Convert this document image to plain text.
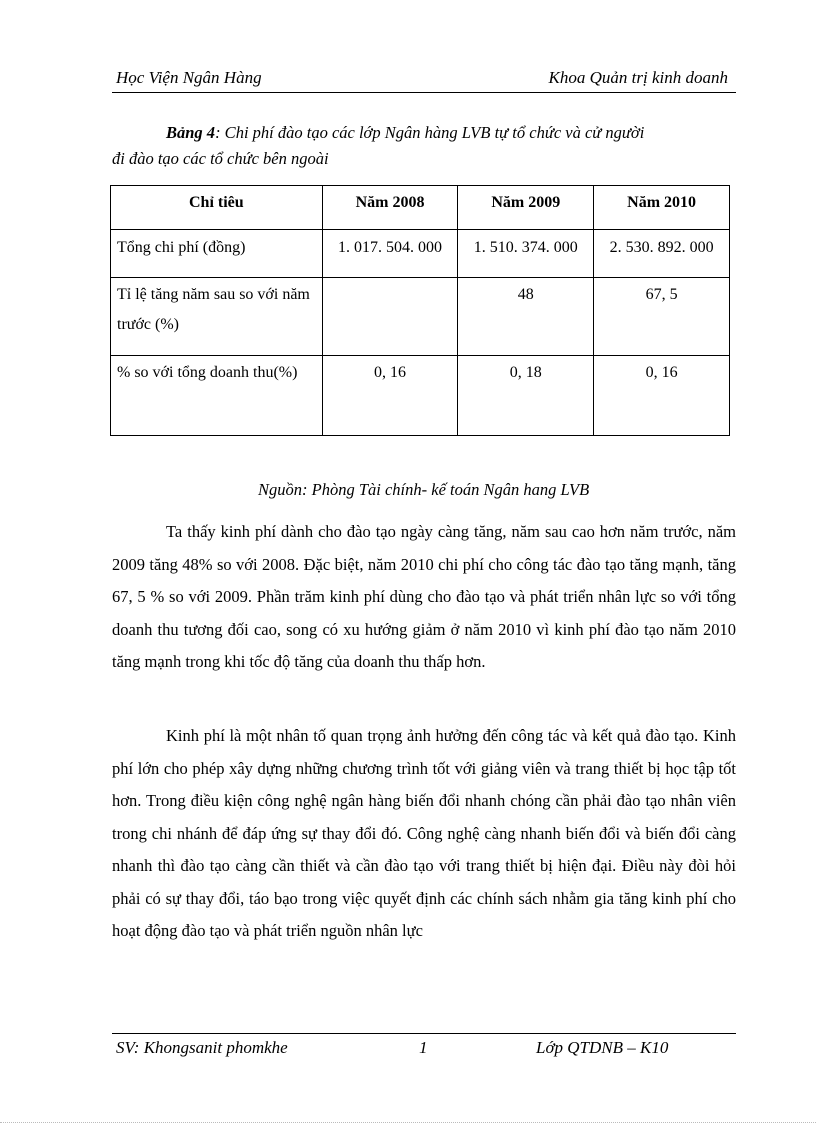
Học Viện Ngân Hàng	Khoa Quản trị kinh doanh
Bảng 4: Chi phí đào tạo các lớp Ngân hàng LVB tự tổ chức và cử người
đi đào tạo các tổ chức bên ngoài
Chỉ tiêu	Năm 2008	Năm 2009	Năm 2010
Tổng chi phí (đồng)	1. 017. 504. 000	1. 510. 374. 000	2. 530. 892. 000
Tỉ lệ tăng năm sau so với năm trước (%)		48	67, 5
% so với tổng doanh thu(%)	0, 16	0, 18	0, 16
Nguồn: Phòng Tài chính- kế toán Ngân hang LVB

Ta thấy kinh phí dành cho đào tạo ngày càng tăng, năm sau cao hơn năm trước, năm 2009 tăng 48% so với 2008. Đặc biệt, năm 2010 chi phí cho công tác đào tạo tăng mạnh, tăng 67, 5 % so với 2009. Phần trăm kinh phí dùng cho đào tạo và phát triển nhân lực so với tổng doanh thu tương đối cao, song có xu hướng giảm ở năm 2010 vì kinh phí đào tạo năm 2010 tăng mạnh trong khi tốc độ tăng của doanh thu thấp hơn.

Kinh phí là một nhân tố quan trọng ảnh hưởng đến công tác và kết quả đào tạo. Kinh phí lớn cho phép xây dựng những chương trình tốt với giảng viên và trang thiết bị học tập tốt hơn. Trong điều kiện công nghệ ngân hàng biến đổi nhanh chóng cần phải đào tạo nhân viên trong chi nhánh để đáp ứng sự thay đổi đó. Công nghệ càng nhanh biến đổi và biến đổi càng nhanh thì đào tạo càng cần thiết và cần đào tạo với trang thiết bị hiện đại. Điều này đòi hỏi phải có sự thay đổi, táo bạo trong việc quyết định các chính sách nhằm gia tăng kinh phí cho hoạt động đào tạo và phát triển nguồn nhân lực

SV: Khongsanit phomkhe	1	Lớp QTDNB – K10
